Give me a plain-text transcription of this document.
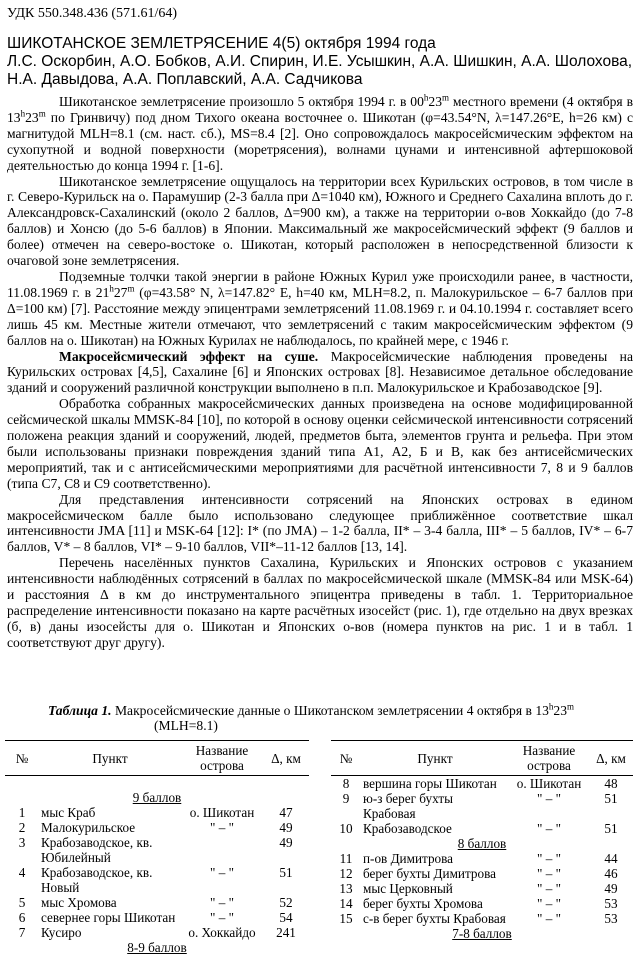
УДК 550.348.436 (571.61/64)
ШИКОТАНСКОЕ ЗЕМЛЕТРЯСЕНИЕ 4(5) октября 1994 года
Л.С. Оскорбин, А.О. Бобков, А.И. Спирин, И.Е. Усышкин, А.А. Шишкин, А.А. Шолохова, Н.А. Давыдова, А.А. Поплавский, А.А. Садчикова

Шикотанское землетрясение произошло 5 октября 1994 г. в 00$^h$23$^m$ местного времени (4 октября в 13$^h$23$^m$ по Гринвичу) под дном Тихого океана восточнее о. Шикотан (φ=43.54°N, λ=147.26°E, h=26 км) с магнитудой MLH=8.1 (см. наст. сб.), MS=8.4 [2]. Оно сопровождалось макросейсмическим эффектом на сухопутной и водной поверхности (моретрясения), волнами цунами и интенсивной афтершоковой деятельностью до конца 1994 г. [1-6].

Шикотанское землетрясение ощущалось на территории всех Курильских островов, в том числе в г. Северо-Курильск на о. Парамушир (2-3 балла при Δ=1040 км), Южного и Среднего Сахалина вплоть до г. Александровск-Сахалинский (около 2 баллов, Δ=900 км), а также на территории о-вов Хоккайдо (до 7-8 баллов) и Хонсю (до 5-6 баллов) в Японии. Максимальный же макросейсмический эффект (9 баллов и более) отмечен на северо-востоке о. Шикотан, который расположен в непосредственной близости к очаговой зоне землетрясения.

Подземные толчки такой энергии в районе Южных Курил уже происходили ранее, в частности, 11.08.1969 г. в 21$^h$27$^m$ (φ=43.58° N, λ=147.82° E, h=40 км, MLH=8.2, п. Малокурильское – 6-7 баллов при Δ=100 км) [7]. Расстояние между эпицентрами землетрясений 11.08.1969 г. и 04.10.1994 г. составляет всего лишь 45 км. Местные жители отмечают, что землетрясений с таким макросейсмическим эффектом (9 баллов на о. Шикотан) на Южных Курилах не наблюдалось, по крайней мере, с 1946 г.

Макросейсмический эффект на суше. Макросейсмические наблюдения проведены на Курильских островах [4,5], Сахалине [6] и Японских островах [8]. Независимое детальное обследование зданий и сооружений различной конструкции выполнено в п.п. Малокурильское и Крабозаводское [9].

Обработка собранных макросейсмических данных произведена на основе модифицированной сейсмической шкалы MMSK-84 [10], по которой в основу оценки сейсмической интенсивности сотрясений положена реакция зданий и сооружений, людей, предметов быта, элементов грунта и рельефа. При этом были использованы признаки повреждения зданий типа А1, А2, Б и В, как без антисейсмических мероприятий, так и с антисейсмическими мероприятиями для расчётной интенсивности 7, 8 и 9 баллов (типа С7, С8 и С9 соответственно).

Для представления интенсивности сотрясений на Японских островах в едином макросейсмическом балле было использовано следующее приближённое соответствие шкал интенсивности JMA [11] и MSK-64 [12]: I* (по JMA) – 1-2 балла, II* – 3-4 балла, III* – 5 баллов, IV* – 6-7 баллов, V* – 8 баллов, VI* – 9-10 баллов, VII*–11-12 баллов [13, 14].

Перечень населённых пунктов Сахалина, Курильских и Японских островов с указанием интенсивности наблюдённых сотрясений в баллах по макросейсмической шкале (MMSK-84 или MSK-64) и расстояния Δ в км до инструментального эпицентра приведены в табл. 1. Территориальное распределение интенсивности показано на карте расчётных изосейст (рис. 1), где отдельно на двух врезках (б, в) даны изосейсты для о. Шикотан и Японских о-вов (номера пунктов на рис. 1 и в табл. 1 соответствуют друг другу).

Таблица 1. Макросейсмические данные о Шикотанском землетрясении 4 октября в 13$^h$23$^m$
(MLH=8.1)
№	Пункт	Название острова	Δ, км

9 баллов			
1	мыс Краб	о. Шикотан	47
2	Малокурильское	" – "	49
3	Крабозаводское, кв. Юбилейный		49
4	Крабозаводское, кв. Новый	" – "	51
5	мыс Хромова	" – "	52
6	севернее горы Шикотан	" – "	54
7	Кусиро	о. Хоккайдо	241
8-9 баллов			
№	Пункт	Название острова	Δ, км
8	вершина горы Шикотан	о. Шикотан	48
9	ю-з берег бухты Крабовая	" – "	51
10	Крабозаводское	" – "	51
8 баллов			
11	п-ов Димитрова	" – "	44
12	берег бухты Димитрова	" – "	46
13	мыс Церковный	" – "	49
14	берег бухты Хромова	" – "	53
15	с-в берег бухты Крабовая	" – "	53
7-8 баллов			
